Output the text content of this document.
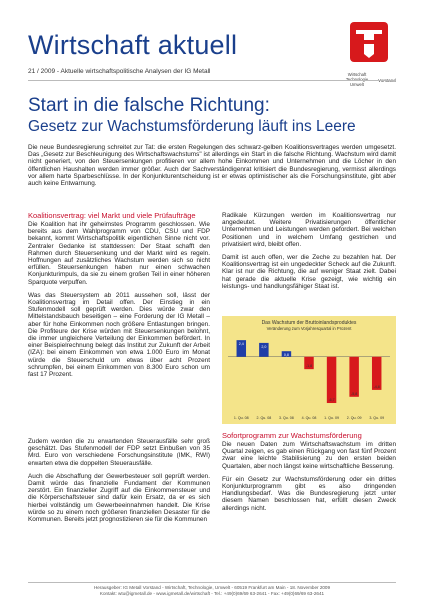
Wirtschaft aktuell
21 / 2009 - Aktuelle wirtschaftspolitische Analysen der IG Metall	Wirtschaft
Umwelt
Start in die falsche Richtung:
Gesetz zur Wachstumsförderung läuft ins Leere
Die neue Bundesregierung schreitet zur Tat: die ersten Regelungen des schwarz-gelben Koalitionsvertrages werden umgesetzt. Das „Gesetz zur Beschleunigung des Wirtschaftswachstums" ist allerdings ein Start in die falsche Richtung. Wachstum wird damit nicht generiert, von den Steuersenkungen profitieren vor allem hohe Einkommen und Unternehmen und die Löcher in den öffentlichen Haushalten werden immer größer. Auch der Sachverständigenrat kritisiert die Bundesregierung, vermisst allerdings vor allem harte Sparbeschlüsse. In der Konjunkturentscheidung ist er etwas optimistischer als die Forschungsinstitute, gibt aber auch keine Entwarnung.
Koalitionsvertrag: viel Markt und viele Prüfaufträge
Die Koalition hat ihr geheimstes Programm geschlossen. Wie bereits aus dem Wahlprogramm von CDU, CSU und FDP bekannt, kommt Wirtschaftspolitik eigentlichen Sinne nicht vor. Zentraler Gedanke ist stattdessen: Der Staat schafft den Rahmen durch Steuersenkung und der Markt wird es regeln. Hoffnungen auf zusätzliches Wachstum werden sich so nicht erfüllen. Steuersenkungen haben nur einen schwachen Konjunkturimpuls, da sie zu einem großen Teil in einer höheren Sparquote verpuffen.
Was das Steuersystem ab 2011 aussehen soll, lässt der Koalitionsvertrag im Detail offen. Der Einstieg in ein Stufenmodell soll geprüft werden. Dies würde zwar den Mittelstandsbauch beseitigen – eine Forderung der IG Metall – aber für hohe Einkommen noch größere Entlastungen bringen. Die Profiteure der Krise würden mit Steuersenkungen belohnt, die immer ungleichere Verteilung der Einkommen befördert. In einer Beispielrechnung belegt das Institut zur Zukunft der Arbeit (IZA): bei einem Einkommen von etwa 1.000 Euro im Monat würde die Steuerschuld um etwas über acht Prozent schrumpfen, bei einem Einkommen von 8.300 Euro schon um fast 17 Prozent.
Zudem werden die zu erwartenden Steuerausfälle sehr groß geschätzt. Das Stufenmodell der FDP setzt Einbußen von 35 Mrd. Euro von verschiedene Forschungsinstitute (IMK, RWI) erwarten etwa die doppelten Steuerausfälle.
Auch die Abschaffung der Gewerbesteuer soll geprüft werden. Damit würde das finanzielle Fundament der Kommunen zerstört. Ein finanzieller Zugriff auf die Einkommensteuer und die Körperschaftsteuer sind dafür kein Ersatz, da er es sich hierbei vollständig um Gewerbeeinnahmen handelt. Die Krise würde so zu einem noch größeren finanziellen Desaster für die Kommunen. Bereits jetzt prognostizieren sie für die Kommunen
Radikale Kürzungen werden im Koalitionsvertrag nur angedeutet. Weitere Privatisierungen öffentlicher Unternehmen und Leistungen werden gefordert. Bei welchen Positionen und in welchem Umfang gestrichen und privatisiert wird, bleibt offen.
Damit ist auch offen, wer die Zeche zu bezahlen hat. Der Koalitionsvertrag ist ein ungedeckter Scheck auf die Zukunft. Klar ist nur die Richtung, die auf weniger Staat zielt. Dabei hat gerade die aktuelle Krise gezeigt, wie wichtig ein leistungs- und handlungsfähiger Staat ist.
Das Wachstum der Bruttoinlandsproduktes
Veränderung zum Vorjahresquartal in Prozent
2,4
1. Qu. 08
2,0
2. Qu. 08
0,8
3. Qu. 08
-1,8
4. Qu. 08
-6,7
1. Qu. 09
-5,8
2. Qu. 09
-4,8
3. Qu. 09
Sofortprogramm zur Wachstumsförderung
Die neuen Daten zum Wirtschaftswachstum im dritten Quartal zeigen, es gab einen Rückgang von fast fünf Prozent zwar eine leichte Stabilisierung zu den ersten beiden Quartalen, aber noch längst keine wirtschaftliche Besserung.
Für ein Gesetz zur Wachstumsförderung oder ein drittes Konjunkturprogramm gibt es also dringenden Handlungsbedarf. Was die Bundesregierung jetzt unter diesem Namen beschlossen hat, erfüllt diesen Zweck allerdings nicht.
Herausgeber: IG Metall Vorstand - Wirtschaft, Technologie, Umwelt - 60519 Frankfurt am Main - 18. November 2009
Kontakt: wtu@igmetall.de - www.igmetall.de/wirtschaft - Tel.: +49(0)69/69 63-2641 - Fax: +49(0)69/69 63-2641
